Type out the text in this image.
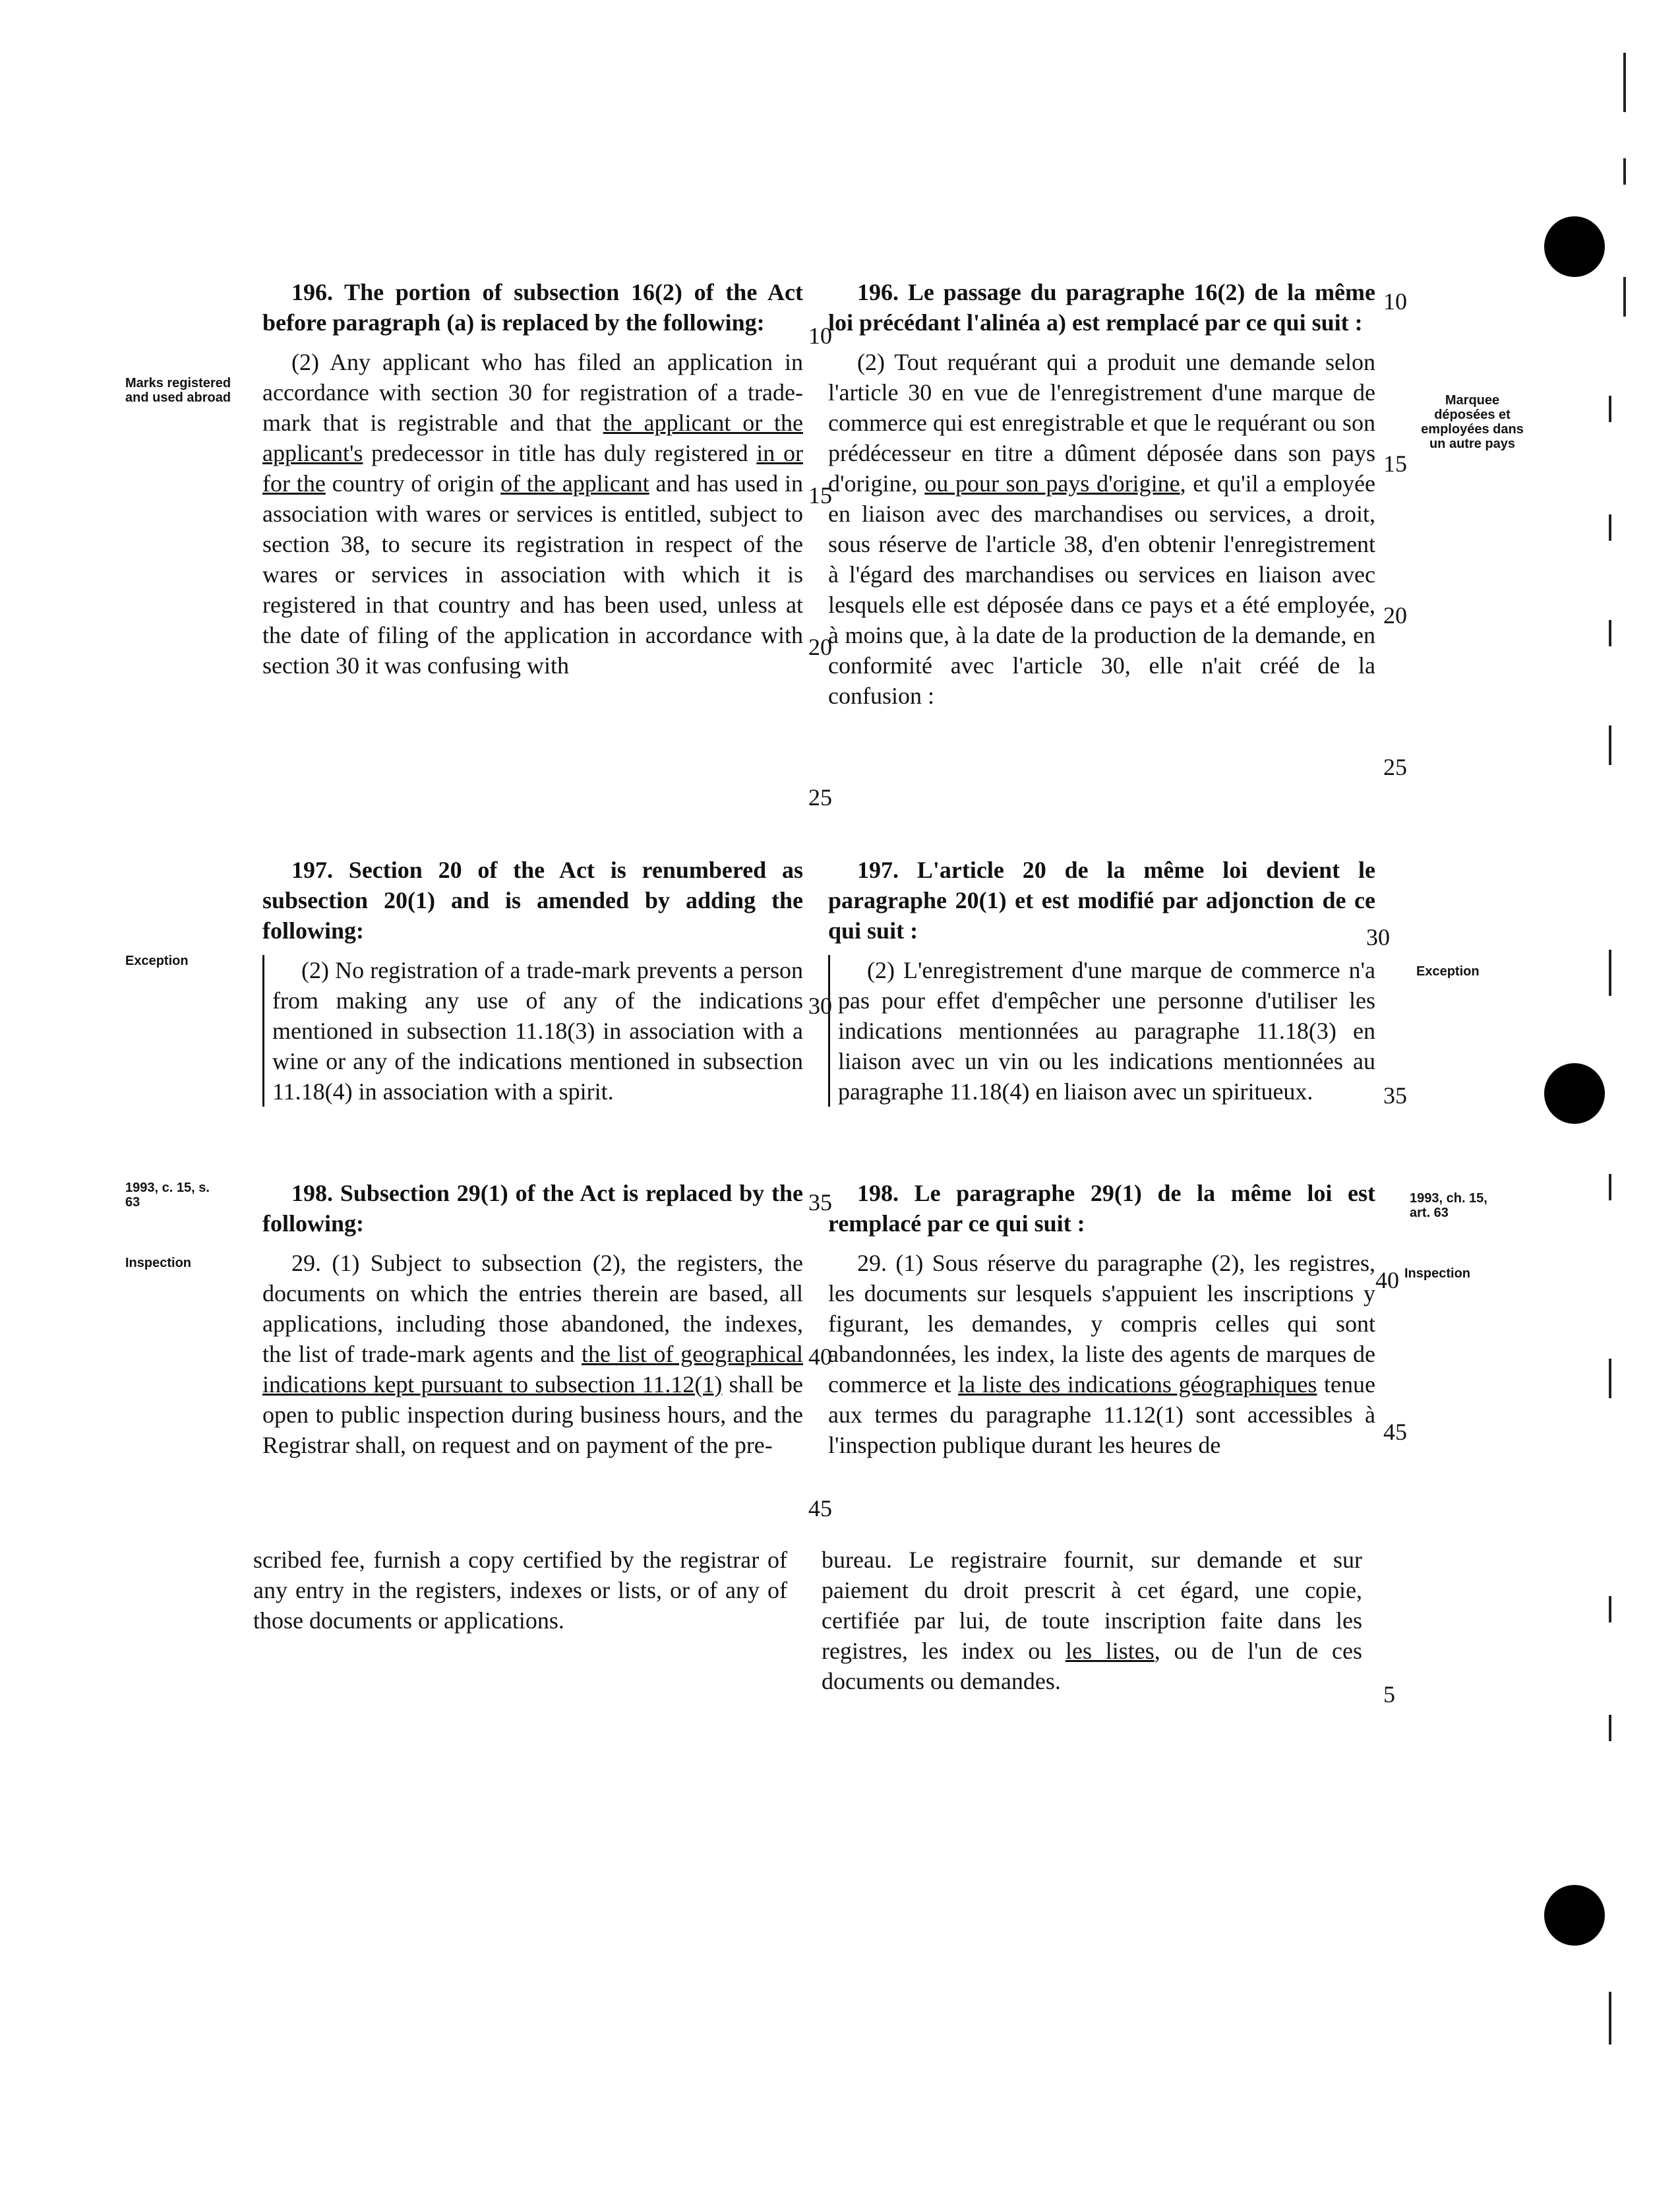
Marks registered and used abroad
Exception
1993, c. 15, s. 63
Inspection
Marquee déposées et employées dans un autre pays
Exception
1993, ch. 15, art. 63
Inspection

196. The portion of subsection 16(2) of the Act before paragraph (a) is replaced by the following:

(2) Any applicant who has filed an application in accordance with section 30 for registration of a trade-mark that is registrable and that the applicant or the applicant's predecessor in title has duly registered in or for the country of origin of the applicant and has used in association with wares or services is entitled, subject to section 38, to secure its registration in respect of the wares or services in association with which it is registered in that country and has been used, unless at the date of filing of the application in accordance with section 30 it was confusing with

197. Section 20 of the Act is renumbered as subsection 20(1) and is amended by adding the following:

(2) No registration of a trade-mark prevents a person from making any use of any of the indications mentioned in subsection 11.18(3) in association with a wine or any of the indications mentioned in subsection 11.18(4) in association with a spirit.

198. Subsection 29(1) of the Act is replaced by the following:

29. (1) Subject to subsection (2), the registers, the documents on which the entries therein are based, all applications, including those abandoned, the indexes, the list of trade-mark agents and the list of geographical indications kept pursuant to subsection 11.12(1) shall be open to public inspection during business hours, and the Registrar shall, on request and on payment of the pre-

scribed fee, furnish a copy certified by the registrar of any entry in the registers, indexes or lists, or of any of those documents or applications.

196. Le passage du paragraphe 16(2) de la même loi précédant l'alinéa a) est remplacé par ce qui suit :

(2) Tout requérant qui a produit une demande selon l'article 30 en vue de l'enregistrement d'une marque de commerce qui est enregistrable et que le requérant ou son prédécesseur en titre a dûment déposée dans son pays d'origine, ou pour son pays d'origine, et qu'il a employée en liaison avec des marchandises ou services, a droit, sous réserve de l'article 38, d'en obtenir l'enregistrement à l'égard des marchandises ou services en liaison avec lesquels elle est déposée dans ce pays et a été employée, à moins que, à la date de la production de la demande, en conformité avec l'article 30, elle n'ait créé de la confusion :

197. L'article 20 de la même loi devient le paragraphe 20(1) et est modifié par adjonction de ce qui suit :

(2) L'enregistrement d'une marque de commerce n'a pas pour effet d'empêcher une personne d'utiliser les indications mentionnées au paragraphe 11.18(3) en liaison avec un vin ou les indications mentionnées au paragraphe 11.18(4) en liaison avec un spiritueux.

198. Le paragraphe 29(1) de la même loi est remplacé par ce qui suit :

29. (1) Sous réserve du paragraphe (2), les registres, les documents sur lesquels s'appuient les inscriptions y figurant, les demandes, y compris celles qui sont abandonnées, les index, la liste des agents de marques de commerce et la liste des indications géographiques tenue aux termes du paragraphe 11.12(1) sont accessibles à l'inspection publique durant les heures de

bureau. Le registraire fournit, sur demande et sur paiement du droit prescrit à cet égard, une copie, certifiée par lui, de toute inscription faite dans les registres, les index ou les listes, ou de l'un de ces documents ou demandes.

10
15
20
25
30
35
40
45
10
15
20
25
30
35
40
45
5
